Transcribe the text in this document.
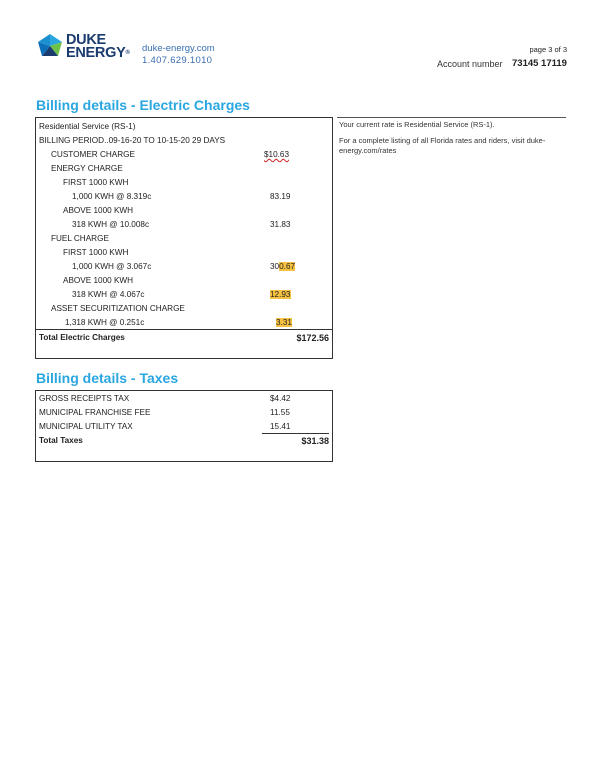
DUKE
ENERGY® duke-energy.com
1.407.629.1010
page 3 of 3
Account number 73145 17119
Billing details - Electric Charges
Residential Service (RS-1)
BILLING PERIOD..09-16-20 TO 10-15-20 29 DAYS
CUSTOMER CHARGE	$10.63
ENERGY CHARGE
FIRST 1000 KWH
1,000 KWH @ 8.319c	83.19
ABOVE 1000 KWH
318 KWH @ 10.008c	31.83
FUEL CHARGE
FIRST 1000 KWH
1,000 KWH @ 3.067c	300.67
ABOVE 1000 KWH
318 KWH @ 4.067c	12.93
ASSET SECURITIZATION CHARGE
1,318 KWH @ 0.251c	3.31
Total Electric Charges	$172.56
Billing details - Taxes
GROSS RECEIPTS TAX	$4.42
MUNICIPAL FRANCHISE FEE	11.55
MUNICIPAL UTILITY TAX	15.41
Total Taxes	$31.38
Your current rate is Residential Service (RS-1).
For a complete listing of all Florida rates and riders, visit duke-energy.com/rates
